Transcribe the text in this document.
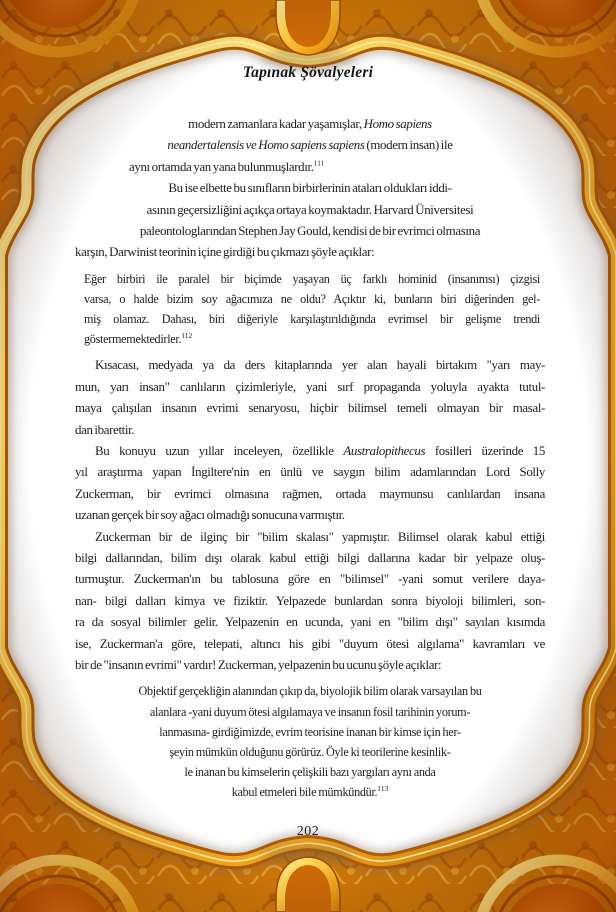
Tapınak Şövalyeleri
modern zamanlara kadar yaşamışlar, Homo sapiens
neandertalensis ve Homo sapiens sapiens (modern insan) ile
aynı ortamda yan yana bulunmuşlardır.$^{111}$
Bu ise elbette bu sınıfların birbirlerinin ataları oldukları iddi-
asının geçersizliğini açıkça ortaya koymaktadır. Harvard Üniversitesi
paleontologlarından Stephen Jay Gould, kendisi de bir evrimci olmasına
karşın, Darwinist teorinin içine girdiği bu çıkmazı şöyle açıklar:
Eğer birbiri ile paralel bir biçimde yaşayan üç farklı hominid (insanımsı) çizgisi
varsa, o halde bizim soy ağacımıza ne oldu? Açıktır ki, bunların biri diğerinden gel-
miş olamaz. Dahası, biri diğeriyle karşılaştırıldığında evrimsel bir gelişme trendi
göstermemektedirler.$^{112}$
Kısacası, medyada ya da ders kitaplarında yer alan hayali birtakım "yarı may-
mun, yarı insan" canlıların çizimleriyle, yani sırf propaganda yoluyla ayakta tutul-
maya çalışılan insanın evrimi senaryosu, hiçbir bilimsel temeli olmayan bir masal-
dan ibarettir.
Bu konuyu uzun yıllar inceleyen, özellikle Australopithecus fosilleri üzerinde 15
yıl araştırma yapan İngiltere'nin en ünlü ve saygın bilim adamlarından Lord Solly
Zuckerman, bir evrimci olmasına rağmen, ortada maymunsu canlılardan insana
uzanan gerçek bir soy ağacı olmadığı sonucuna varmıştır.
Zuckerman bir de ilginç bir "bilim skalası" yapmıştır. Bilimsel olarak kabul ettiği
bilgi dallarından, bilim dışı olarak kabul ettiği bilgi dallarına kadar bir yelpaze oluş-
turmuştur. Zuckerman'ın bu tablosuna göre en "bilimsel" -yani somut verilere daya-
nan- bilgi dalları kimya ve fiziktir. Yelpazede bunlardan sonra biyoloji bilimleri, son-
ra da sosyal bilimler gelir. Yelpazenin en ucunda, yani en "bilim dışı" sayılan kısımda
ise, Zuckerman'a göre, telepati, altıncı his gibi "duyum ötesi algılama" kavramları ve
bir de "insanın evrimi" vardır! Zuckerman, yelpazenin bu ucunu şöyle açıklar:
Objektif gerçekliğin alanından çıkıp da, biyolojik bilim olarak varsayılan bu
alanlara -yani duyum ötesi algılamaya ve insanın fosil tarihinin yorum-
lanmasına- girdiğimizde, evrim teorisine inanan bir kimse için her-
şeyin mümkün olduğunu görürüz. Öyle ki teorilerine kesinlik-
le inanan bu kimselerin çelişkili bazı yargıları aynı anda
kabul etmeleri bile mümkündür.$^{113}$
202
